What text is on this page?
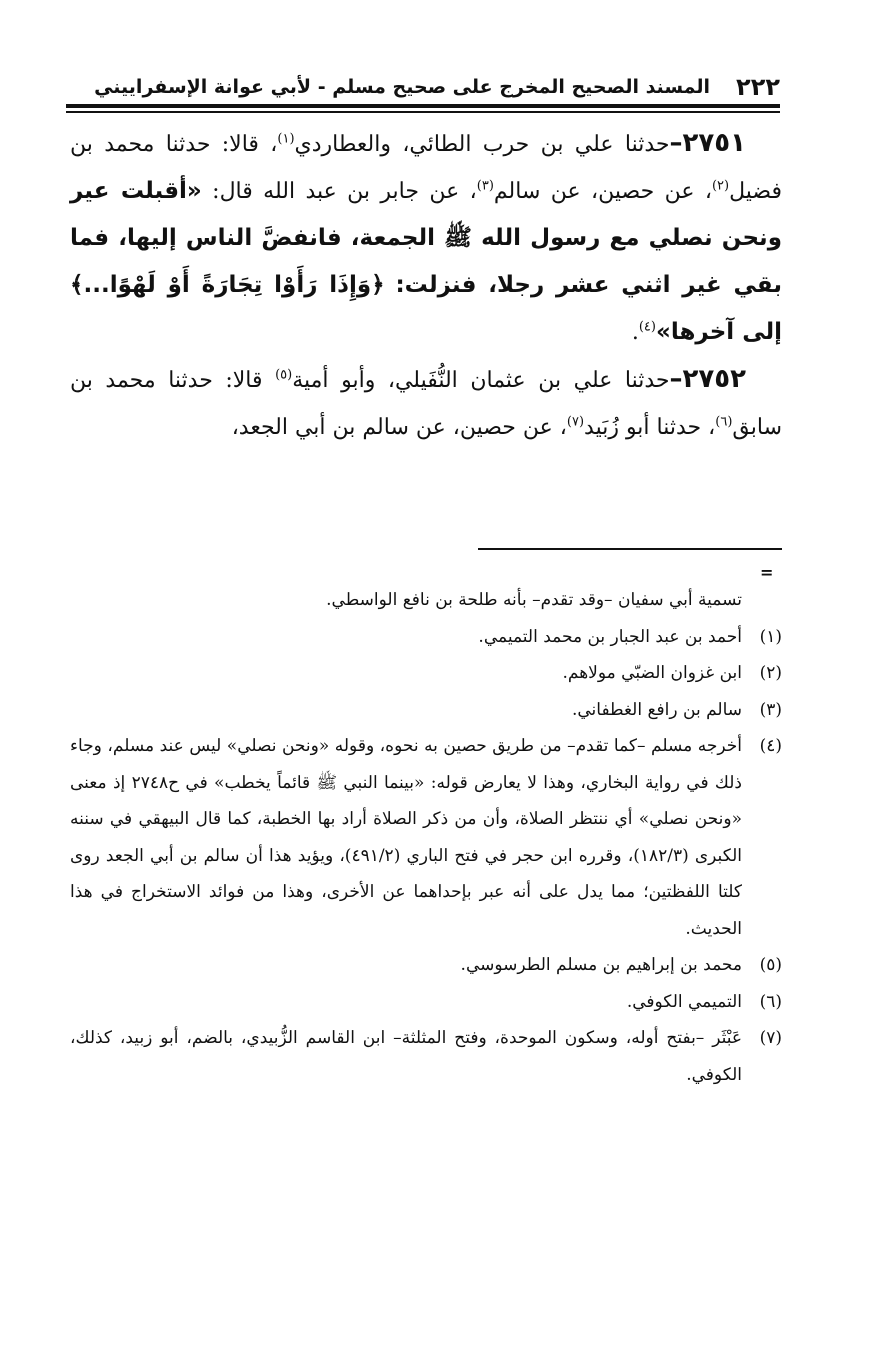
٢٢٢
المسند الصحيح المخرج على صحيح مسلم - لأبي عوانة الإسفراييني

٢٧٥١–حدثنا علي بن حرب الطائي، والعطاردي$^{(١)}$، قالا: حدثنا محمد بن فضيل$^{(٢)}$، عن حصين، عن سالم$^{(٣)}$، عن جابر بن عبد الله قال: «أقبلت عير ونحن نصلي مع رسول الله ﷺ الجمعة، فانفضَّ الناس إليها، فما بقي غير اثني عشر رجلا، فنزلت: ﴿وَإِذَا رَأَوْا تِجَارَةً أَوْ لَهْوًا...﴾ إلى آخرها»$^{(٤)}$.

٢٧٥٢–حدثنا علي بن عثمان النُّفَيلي، وأبو أمية$^{(٥)}$ قالا: حدثنا محمد بن سابق$^{(٦)}$، حدثنا أبو زُبَيد$^{(٧)}$، عن حصين، عن سالم بن أبي الجعد،

=

تسمية أبي سفيان –وقد تقدم– بأنه طلحة بن نافع الواسطي.

(١)أحمد بن عبد الجبار بن محمد التميمي.

(٢)ابن غزوان الضبّي مولاهم.

(٣)سالم بن رافع الغطفاني.

(٤)أخرجه مسلم –كما تقدم– من طريق حصين به نحوه، وقوله «ونحن نصلي» ليس عند مسلم، وجاء ذلك في رواية البخاري، وهذا لا يعارض قوله: «بينما النبي ﷺ قائماً يخطب» في ح٢٧٤٨ إذ معنى «ونحن نصلي» أي ننتظر الصلاة، وأن من ذكر الصلاة أراد بها الخطبة، كما قال البيهقي في سننه الكبرى (١٨٢/٣)، وقرره ابن حجر في فتح الباري (٤٩١/٢)، ويؤيد هذا أن سالم بن أبي الجعد روى كلتا اللفظتين؛ مما يدل على أنه عبر بإحداهما عن الأخرى، وهذا من فوائد الاستخراج في هذا الحديث.

(٥)محمد بن إبراهيم بن مسلم الطرسوسي.

(٦)التميمي الكوفي.

(٧)عَبْثَر –بفتح أوله، وسكون الموحدة، وفتح المثلثة– ابن القاسم الزُّبيدي، بالضم، أبو زبيد، كذلك، الكوفي.
